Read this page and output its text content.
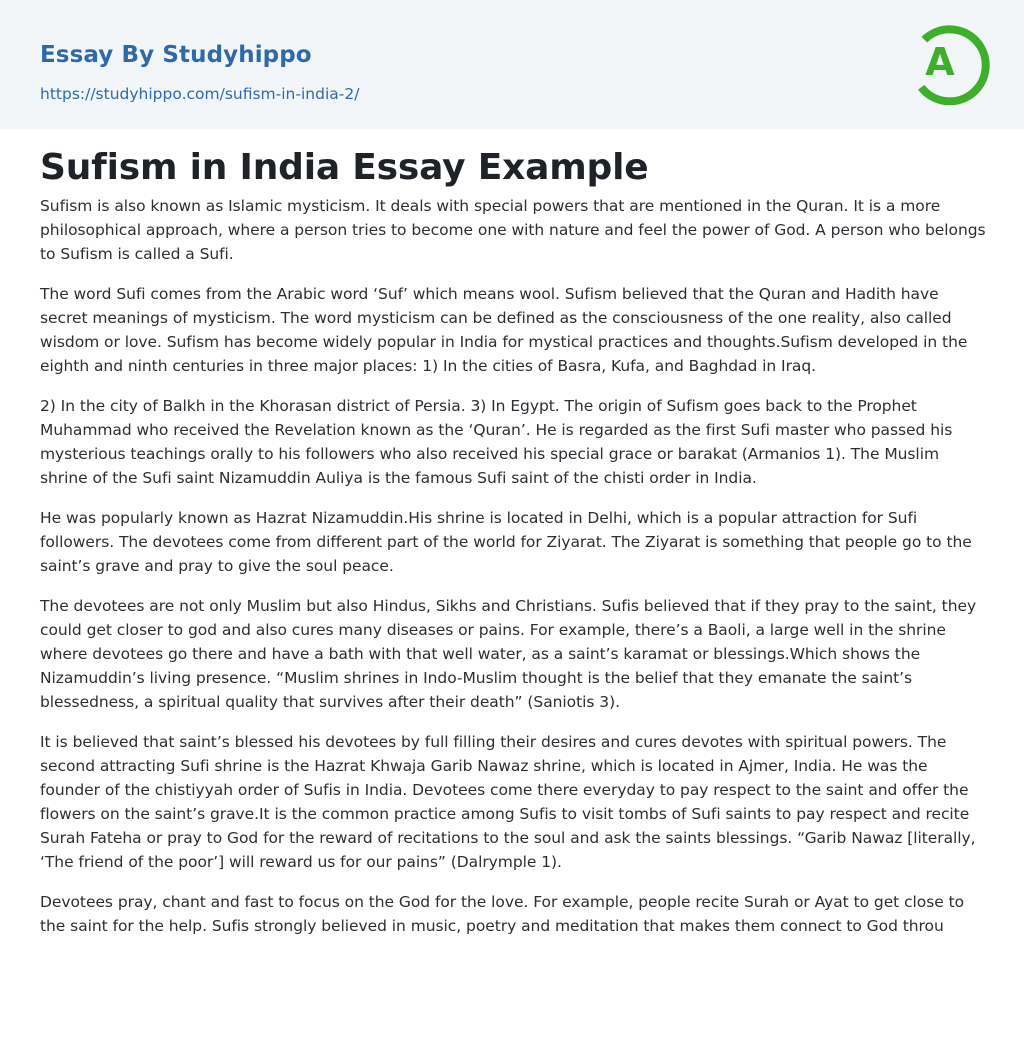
Essay By Studyhippo
https://studyhippo.com/sufism-in-india-2/
A
Sufism in India Essay Example

Sufism is also known as Islamic mysticism. It deals with special powers that are mentioned in the Quran. It is a more philosophical approach, where a person tries to become one with nature and feel the power of God. A person who belongs to Sufism is called a Sufi.

The word Sufi comes from the Arabic word ‘Suf’ which means wool. Sufism believed that the Quran and Hadith have secret meanings of mysticism. The word mysticism can be defined as the consciousness of the one reality, also called wisdom or love. Sufism has become widely popular in India for mystical practices and thoughts.Sufism developed in the eighth and ninth centuries in three major places: 1) In the cities of Basra, Kufa, and Baghdad in Iraq.

2) In the city of Balkh in the Khorasan district of Persia. 3) In Egypt. The origin of Sufism goes back to the Prophet Muhammad who received the Revelation known as the ‘Quran’. He is regarded as the first Sufi master who passed his mysterious teachings orally to his followers who also received his special grace or barakat (Armanios 1). The Muslim shrine of the Sufi saint Nizamuddin Auliya is the famous Sufi saint of the chisti order in India.

He was popularly known as Hazrat Nizamuddin.His shrine is located in Delhi, which is a popular attraction for Sufi followers. The devotees come from different part of the world for Ziyarat. The Ziyarat is something that people go to the saint’s grave and pray to give the soul peace.

The devotees are not only Muslim but also Hindus, Sikhs and Christians. Sufis believed that if they pray to the saint, they could get closer to god and also cures many diseases or pains. For example, there’s a Baoli, a large well in the shrine where devotees go there and have a bath with that well water, as a saint’s karamat or blessings.Which shows the Nizamuddin’s living presence. “Muslim shrines in Indo-Muslim thought is the belief that they emanate the saint’s blessedness, a spiritual quality that survives after their death” (Saniotis 3).

It is believed that saint’s blessed his devotees by full filling their desires and cures devotes with spiritual powers. The second attracting Sufi shrine is the Hazrat Khwaja Garib Nawaz shrine, which is located in Ajmer, India. He was the founder of the chistiyyah order of Sufis in India. Devotees come there everyday to pay respect to the saint and offer the flowers on the saint’s grave.It is the common practice among Sufis to visit tombs of Sufi saints to pay respect and recite Surah Fateha or pray to God for the reward of recitations to the soul and ask the saints blessings. “Garib Nawaz [literally, ‘The friend of the poor’] will reward us for our pains” (Dalrymple 1).

Devotees pray, chant and fast to focus on the God for the love. For example, people recite Surah or Ayat to get close to the saint for the help. Sufis strongly believed in music, poetry and meditation that makes them connect to God throu
